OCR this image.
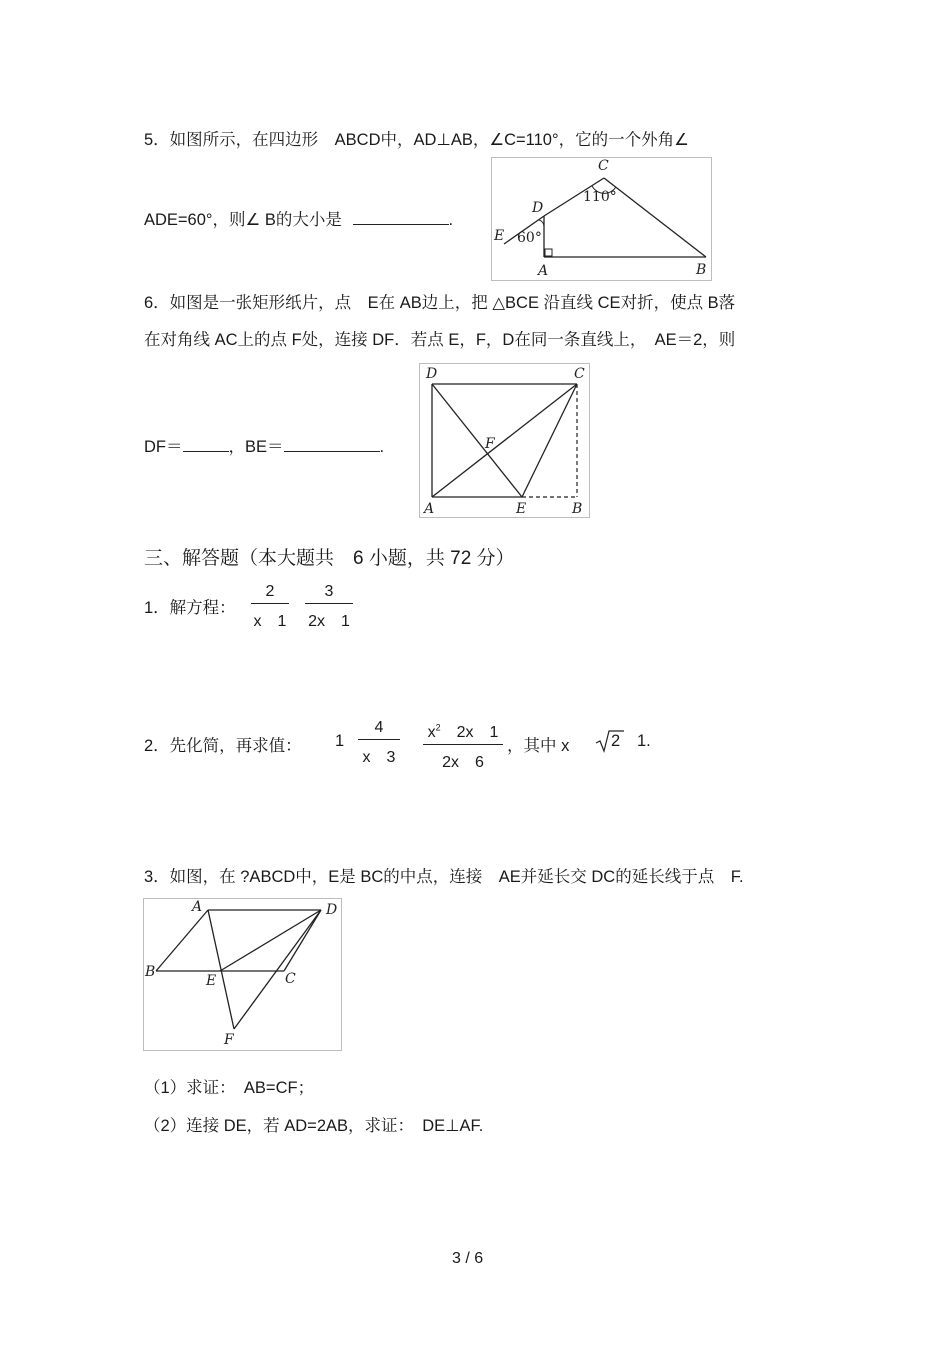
5．如图所示，在四边形　ABCD中，AD⊥AB，∠C=110°，它的一个外角∠
ADE=60°，则∠ B的大小是	.
C
D
E
A	B
110°
60°
6．如图是一张矩形纸片，点　E在 AB边上，把 △BCE 沿直线 CE对折，使点 B落
在对角线 AC上的点 F处，连接 DF．若点 E，F，D在同一条直线上，　AE＝2，则
DF＝	，BE＝	.
D	C
F
A	E	B
三、解答题（本大题共　6 小题，共 72 分）
1．解方程： $\frac{2}{x 1} \frac{3}{2x 1}$
2．先化简，再求值： $1 \frac{4}{x 3} \frac{x^2 2x 1}{2x 6}$ ，其中 x	2 1.
3．如图，在 ?ABCD中，E是 BC的中点，连接　AE并延长交 DC的延长线于点　F.
A	D
B
E	C
F
（1）求证：　AB=CF；
（2）连接 DE，若 AD=2AB，求证：　DE⊥AF.
3 / 6
